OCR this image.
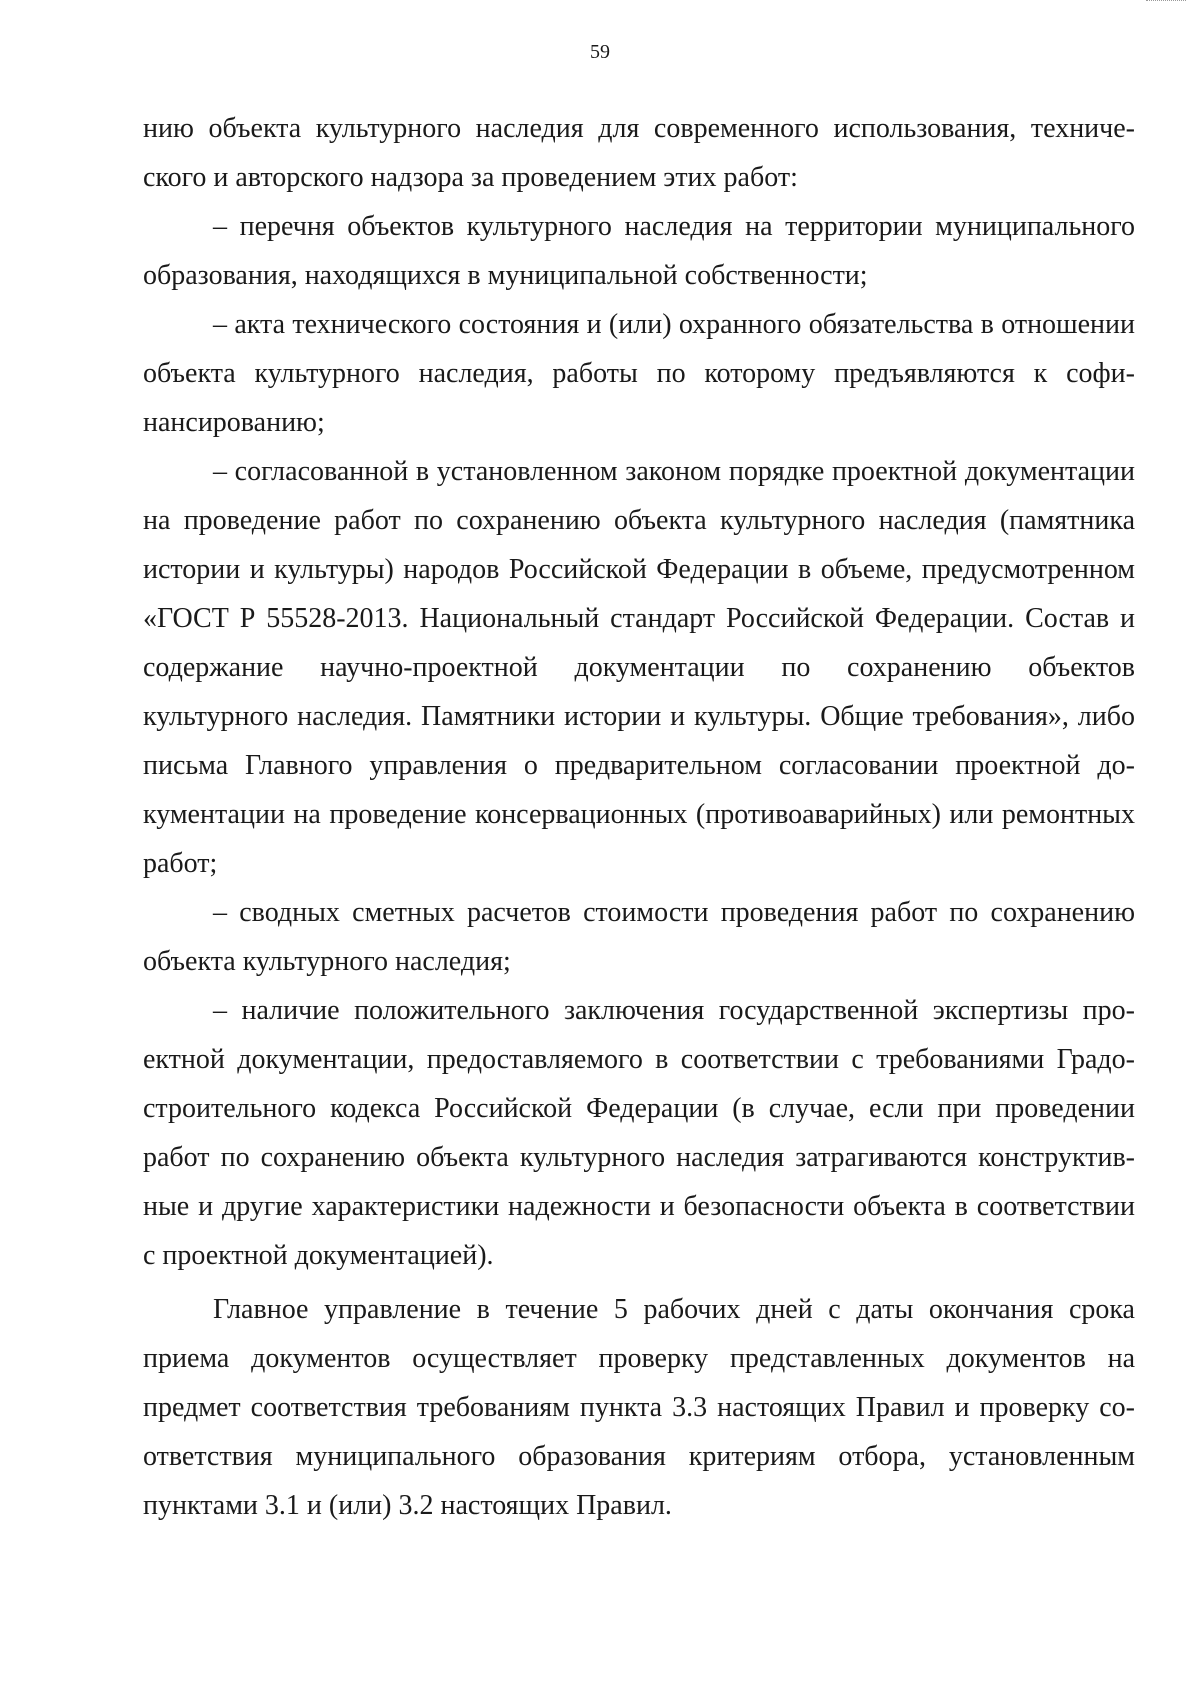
59

нию объекта культурного наследия для современного использования, технического и авторского надзора за проведением этих работ:

– перечня объектов культурного наследия на территории муниципального образования, находящихся в муниципальной собственности;

– акта технического состояния и (или) охранного обязательства в отношении объекта культурного наследия, работы по которому предъявляются к софинансированию;

– согласованной в установленном законом порядке проектной документации на проведение работ по сохранению объекта культурного наследия (памятника истории и культуры) народов Российской Федерации в объеме, предусмотренном «ГОСТ Р 55528-2013. Национальный стандарт Российской Федерации. Состав и содержание научно-проектной документации по сохранению объектов культурного наследия. Памятники истории и культуры. Общие требования», либо письма Главного управления о предварительном согласовании проектной документации на проведение консервационных (противоаварийных) или ремонтных работ;

– сводных сметных расчетов стоимости проведения работ по сохранению объекта культурного наследия;

– наличие положительного заключения государственной экспертизы проектной документации, предоставляемого в соответствии с требованиями Градостроительного кодекса Российской Федерации (в случае, если при проведении работ по сохранению объекта культурного наследия затрагиваются конструктивные и другие характеристики надежности и безопасности объекта в соответствии с проектной документацией).

Главное управление в течение 5 рабочих дней с даты окончания срока приема документов осуществляет проверку представленных документов на предмет соответствия требованиям пункта 3.3 настоящих Правил и проверку соответствия муниципального образования критериям отбора, установленным пунктами 3.1 и (или) 3.2 настоящих Правил.
